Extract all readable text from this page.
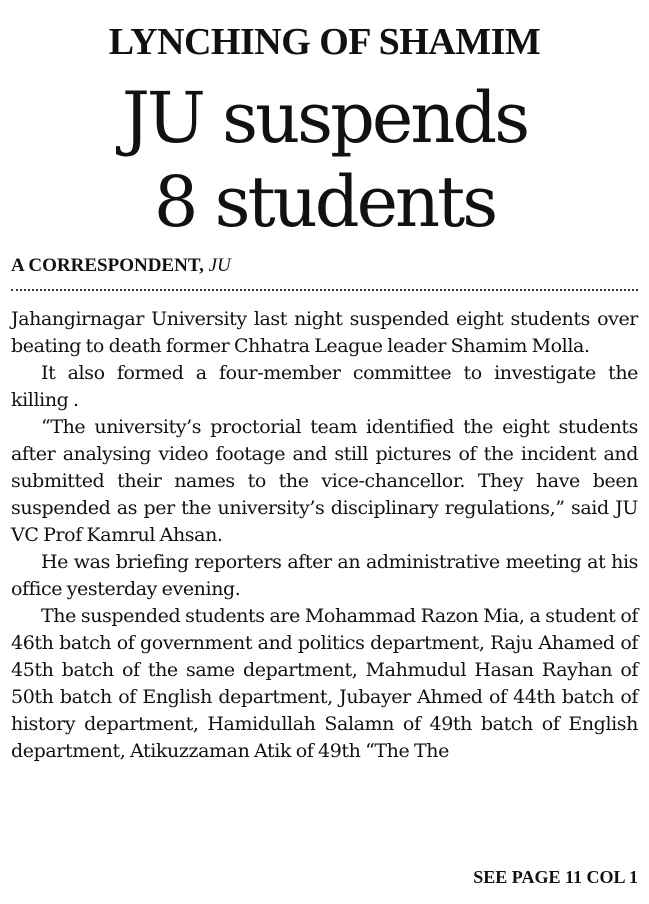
LYNCHING OF SHAMIM
JU suspends
8 students
A CORRESPONDENT, JU

Jahangirnagar University last night suspended eight students over beating to death former Chhatra League leader Shamim Molla.

It also formed a four-member committee to investigate the killing .

“The university’s proctorial team identified the eight students after analysing video footage and still pictures of the incident and submitted their names to the vice-chancellor. They have been suspended as per the university’s disciplinary regulations,” said JU VC Prof Kamrul Ahsan.

He was briefing reporters after an administrative meeting at his office yesterday evening.

The suspended students are Mohammad Razon Mia, a student of 46th batch of government and politics department, Raju Ahamed of 45th batch of the same department, Mahmudul Hasan Rayhan of 50th batch of English department, Jubayer Ahmed of 44th batch of history department, Hamidullah Salamn of 49th batch of English department, Atikuzzaman Atik of 49th “The The

SEE PAGE 11 COL 1
